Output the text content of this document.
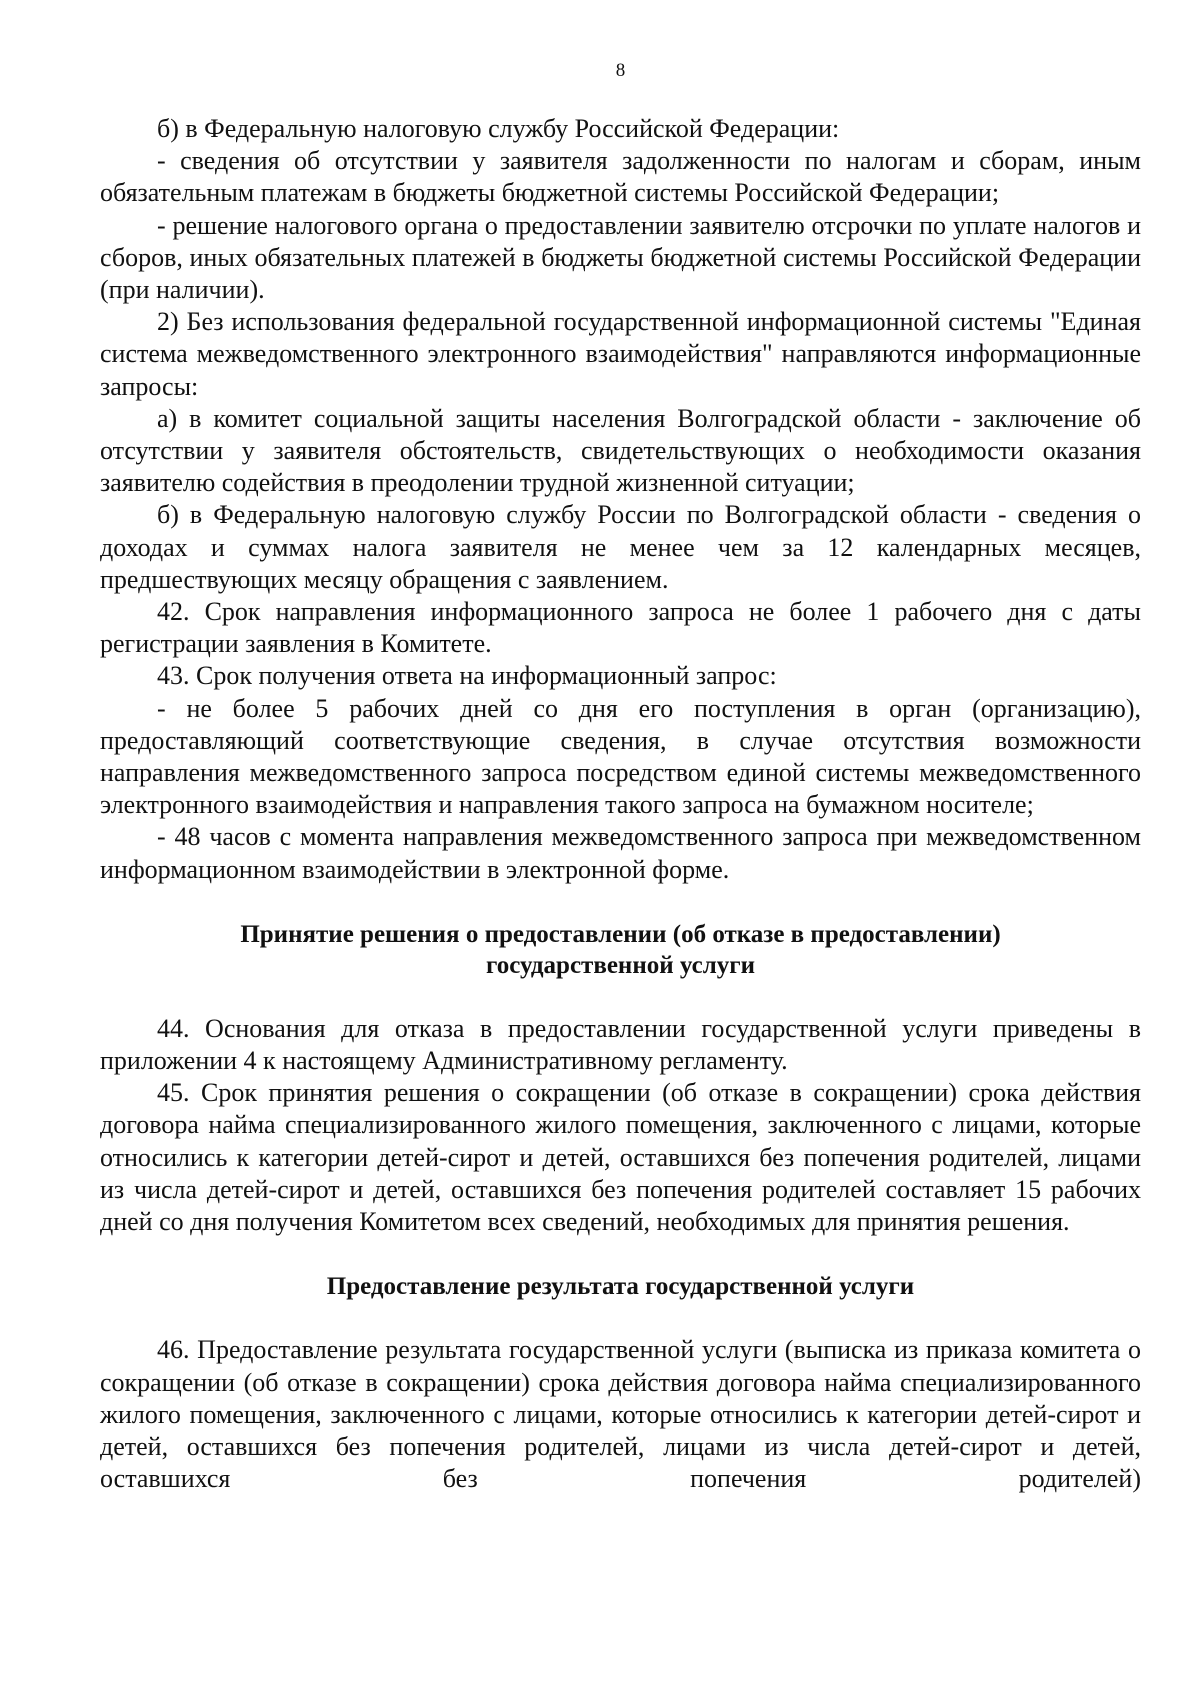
8

б) в Федеральную налоговую службу Российской Федерации:

- сведения об отсутствии у заявителя задолженности по налогам и сборам, иным обязательным платежам в бюджеты бюджетной системы Российской Федерации;

- решение налогового органа о предоставлении заявителю отсрочки по уплате налогов и сборов, иных обязательных платежей в бюджеты бюджетной системы Российской Федерации (при наличии).

2) Без использования федеральной государственной информационной системы "Единая система межведомственного электронного взаимодействия" направляются информационные запросы:

а) в комитет социальной защиты населения Волгоградской области - заключение об отсутствии у заявителя обстоятельств, свидетельствующих о необходимости оказания заявителю содействия в преодолении трудной жизненной ситуации;

б) в Федеральную налоговую службу России по Волгоградской области - сведения о доходах и суммах налога заявителя не менее чем за 12 календарных месяцев, предшествующих месяцу обращения с заявлением.

42. Срок направления информационного запроса не более 1 рабочего дня с даты регистрации заявления в Комитете.

43. Срок получения ответа на информационный запрос:

- не более 5 рабочих дней со дня его поступления в орган (организацию), предоставляющий соответствующие сведения, в случае отсутствия возможности направления межведомственного запроса посредством единой системы межведомственного электронного взаимодействия и направления такого запроса на бумажном носителе;

- 48 часов с момента направления межведомственного запроса при межведомственном информационном взаимодействии в электронной форме.

Принятие решения о предоставлении (об отказе в предоставлении)
государственной услуги

44. Основания для отказа в предоставлении государственной услуги приведены в приложении 4 к настоящему Административному регламенту.

45. Срок принятия решения о сокращении (об отказе в сокращении) срока действия договора найма специализированного жилого помещения, заключенного с лицами, которые относились к категории детей-сирот и детей, оставшихся без попечения родителей, лицами из числа детей-сирот и детей, оставшихся без попечения родителей составляет 15 рабочих дней со дня получения Комитетом всех сведений, необходимых для принятия решения.

Предоставление результата государственной услуги

46. Предоставление результата государственной услуги (выписка из приказа комитета о сокращении (об отказе в сокращении) срока действия договора найма специализированного жилого помещения, заключенного с лицами, которые относились к категории детей-сирот и детей, оставшихся без попечения родителей, лицами из числа детей-сирот и детей, оставшихся без попечения родителей)
